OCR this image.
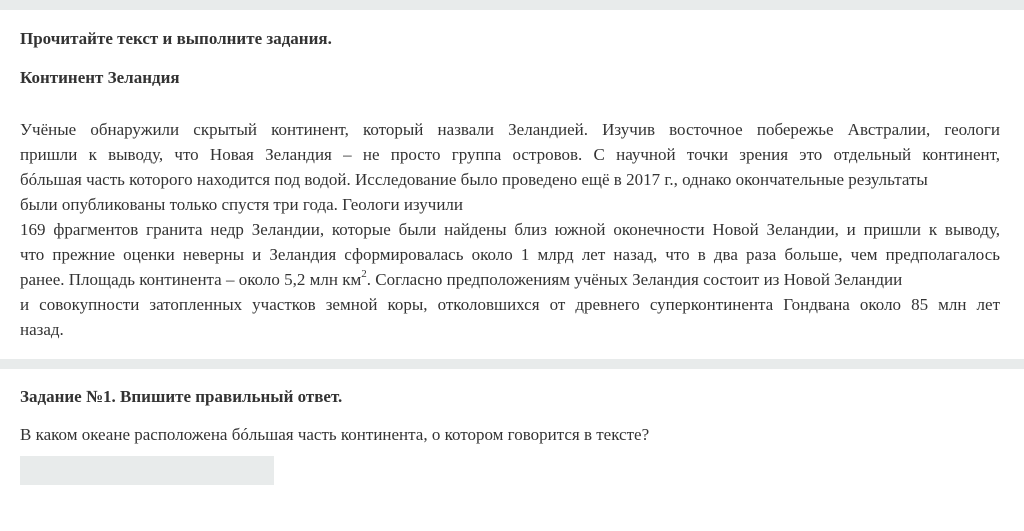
Прочитайте текст и выполните задания.

Континент Зеландия

Учёные обнаружили скрытый континент, который назвали Зеландией. Изучив восточное побережье Австралии, геологи
пришли к выводу, что Новая Зеландия – не просто группа островов. С научной точки зрения это отдельный континент,
бóльшая часть которого находится под водой. Исследование было проведено ещё в 2017 г., однако окончательные результаты
были опубликованы только спустя три года. Геологи изучили
169 фрагментов гранита недр Зеландии, которые были найдены близ южной оконечности Новой Зеландии, и пришли к выводу,
что прежние оценки неверны и Зеландия сформировалась около 1 млрд лет назад, что в два раза больше, чем предполагалось
ранее. Площадь континента – около 5,2 млн $км^2$. Согласно предположениям учёных Зеландия состоит из Новой Зеландии
и совокупности затопленных участков земной коры, отколовшихся от древнего суперконтинента Гондвана около 85 млн лет
назад.

Задание №1. Впишите правильный ответ.

В каком океане расположена бóльшая часть континента, о котором говорится в тексте?
